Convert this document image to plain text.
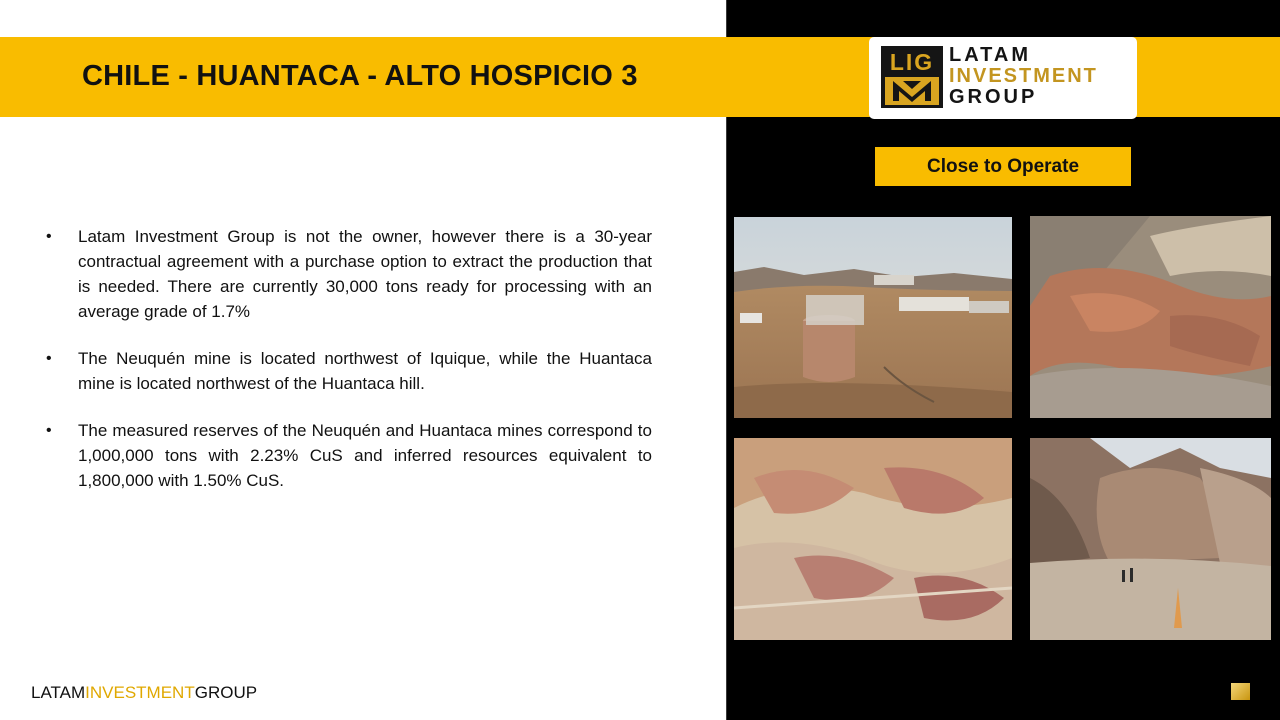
CHILE - HUANTACA - ALTO HOSPICIO 3	LIG LATAM
INVESTMENT
GROUP
Close to Operate
• Latam Investment Group is not the owner, however there is a 30-year contractual agreement with a purchase option to extract the production that is needed. There are currently 30,000 tons ready for processing with an average grade of 1.7%

• The Neuquén mine is located northwest of Iquique, while the Huantaca mine is located northwest of the Huantaca hill.

• The measured reserves of the Neuquén and Huantaca mines correspond to 1,000,000 tons with 2.23% CuS and inferred resources equivalent to 1,800,000 with 1.50% CuS.

LATAMINVESTMENTGROUP
